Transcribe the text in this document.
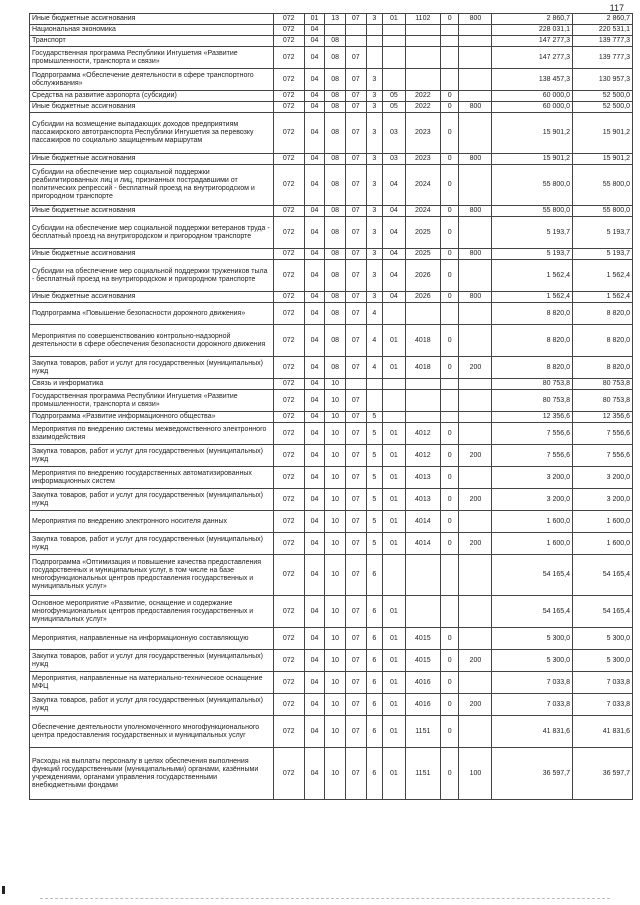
117
Иные бюджетные ассигнования	072	01	13	07	3	01	1102	0	800	2 860,7	2 860,7
Национальная экономика	072	04								228 031,1	220 531,1
Транспорт	072	04	08							147 277,3	139 777,3
Государственная программа Республики Ингушетия «Развитие промышленности, транспорта и связи»	072	04	08	07						147 277,3	139 777,3
Подпрограмма «Обеспечение деятельности в сфере транспортного обслуживания»	072	04	08	07	3					138 457,3	130 957,3
Средства на развитие аэропорта (субсидии)	072	04	08	07	3	05	2022	0		60 000,0	52 500,0
Иные бюджетные ассигнования	072	04	08	07	3	05	2022	0	800	60 000,0	52 500,0
Субсидии на возмещение выпадающих доходов предприятиям пассажирского автотранспорта Республики Ингушетия за перевозку пассажиров по социально защищенным маршрутам	072	04	08	07	3	03	2023	0		15 901,2	15 901,2
Иные бюджетные ассигнования	072	04	08	07	3	03	2023	0	800	15 901,2	15 901,2
Субсидии на обеспечение мер социальной поддержки реабилитированных лиц и лиц, признанных пострадавшими от политических репрессий - бесплатный проезд на внутригородском и пригородном транспорте	072	04	08	07	3	04	2024	0		55 800,0	55 800,0
Иные бюджетные ассигнования	072	04	08	07	3	04	2024	0	800	55 800,0	55 800,0
Субсидии на обеспечение мер социальной поддержки ветеранов труда - бесплатный проезд на внутригородском и пригородном транспорте	072	04	08	07	3	04	2025	0		5 193,7	5 193,7
Иные бюджетные ассигнования	072	04	08	07	3	04	2025	0	800	5 193,7	5 193,7
Субсидии на обеспечение мер социальной поддержки тружеников тыла - бесплатный проезд на внутригородском и пригородном транспорте	072	04	08	07	3	04	2026	0		1 562,4	1 562,4
Иные бюджетные ассигнования	072	04	08	07	3	04	2026	0	800	1 562,4	1 562,4
Подпрограмма «Повышение безопасности дорожного движения»	072	04	08	07	4					8 820,0	8 820,0
Мероприятия по совершенствованию контрольно-надзорной деятельности в сфере обеспечения безопасности дорожного движения	072	04	08	07	4	01	4018	0		8 820,0	8 820,0
Закупка товаров, работ и услуг для государственных (муниципальных) нужд	072	04	08	07	4	01	4018	0	200	8 820,0	8 820,0
Связь и информатика	072	04	10							80 753,8	80 753,8
Государственная программа Республики Ингушетия «Развитие промышленности, транспорта и связи»	072	04	10	07						80 753,8	80 753,8
Подпрограмма «Развитие информационного общества»	072	04	10	07	5					12 356,6	12 356,6
Мероприятия по внедрению системы межведомственного электронного взаимодействия	072	04	10	07	5	01	4012	0		7 556,6	7 556,6
Закупка товаров, работ и услуг для государственных (муниципальных) нужд	072	04	10	07	5	01	4012	0	200	7 556,6	7 556,6
Мероприятия по внедрению государственных автоматизированных информационных систем	072	04	10	07	5	01	4013	0		3 200,0	3 200,0
Закупка товаров, работ и услуг для государственных (муниципальных) нужд	072	04	10	07	5	01	4013	0	200	3 200,0	3 200,0
Мероприятия по внедрению электронного носителя данных	072	04	10	07	5	01	4014	0		1 600,0	1 600,0
Закупка товаров, работ и услуг для государственных (муниципальных) нужд	072	04	10	07	5	01	4014	0	200	1 600,0	1 600,0
Подпрограмма «Оптимизация и повышение качества предоставления государственных и муниципальных услуг, в том числе на базе многофункциональных центров предоставления государственных и муниципальных услуг»	072	04	10	07	6					54 165,4	54 165,4
Основное мероприятие «Развитие, оснащение и содержание многофункциональных центров предоставления государственных и муниципальных услуг»	072	04	10	07	6	01				54 165,4	54 165,4
Мероприятия, направленные на информационную составляющую	072	04	10	07	6	01	4015	0		5 300,0	5 300,0
Закупка товаров, работ и услуг для государственных (муниципальных) нужд	072	04	10	07	6	01	4015	0	200	5 300,0	5 300,0
Мероприятия, направленные на материально-техническое оснащение МФЦ	072	04	10	07	6	01	4016	0		7 033,8	7 033,8
Закупка товаров, работ и услуг для государственных (муниципальных) нужд	072	04	10	07	6	01	4016	0	200	7 033,8	7 033,8
Обеспечение деятельности уполномоченного многофункционального центра предоставления государственных и муниципальных услуг	072	04	10	07	6	01	1151	0		41 831,6	41 831,6
Расходы на выплаты персоналу в целях обеспечения выполнения функций государственными (муниципальными) органами, казёнными учреждениями, органами управления государственными внебюджетными фондами	072	04	10	07	6	01	1151	0	100	36 597,7	36 597,7
